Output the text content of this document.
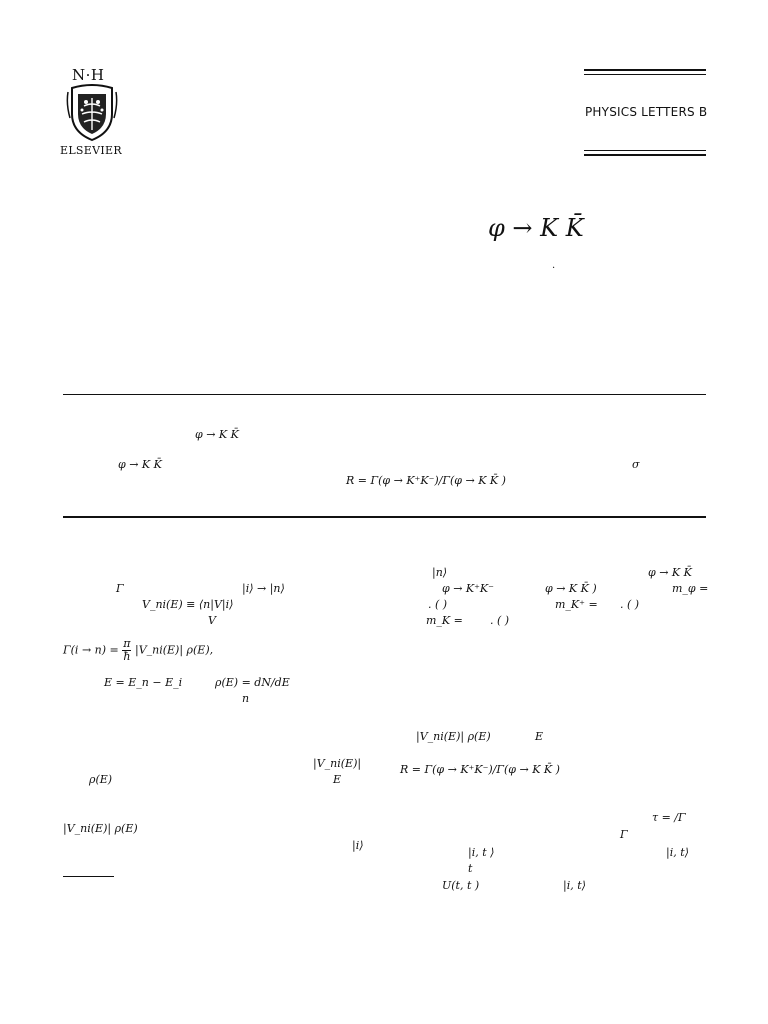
N·H
ELSEVIER
PHYSICS LETTERS B
φ → K K̄
.
φ → K K̄
φ → K K̄	σ
R = Γ(φ → K⁺K⁻)/Γ(φ → K K̄ )
Γ	|i⟩ → |n⟩
V_ni(E) ≡ ⟨n|V|i⟩
V
$\Gamma(i \to n) = \frac{\pi}{ħ}$ |V_ni(E)| ρ(E),
E = E_n − E_i	ρ(E) = dN/dE
n
|V_ni(E)|
E
ρ(E)
|V_ni(E)| ρ(E)
|i⟩
|n⟩	φ → K K̄
φ → K⁺K⁻	φ → K K̄ )	m_φ =
. ( )	m_K⁺ = . ( )
m_K = . ( )
|V_ni(E)| ρ(E)	E
R = Γ(φ → K⁺K⁻)/Γ(φ → K K̄ )
τ = /Γ
Γ
|i, t ⟩	|i, t⟩
t
U(t, t )	|i, t⟩
